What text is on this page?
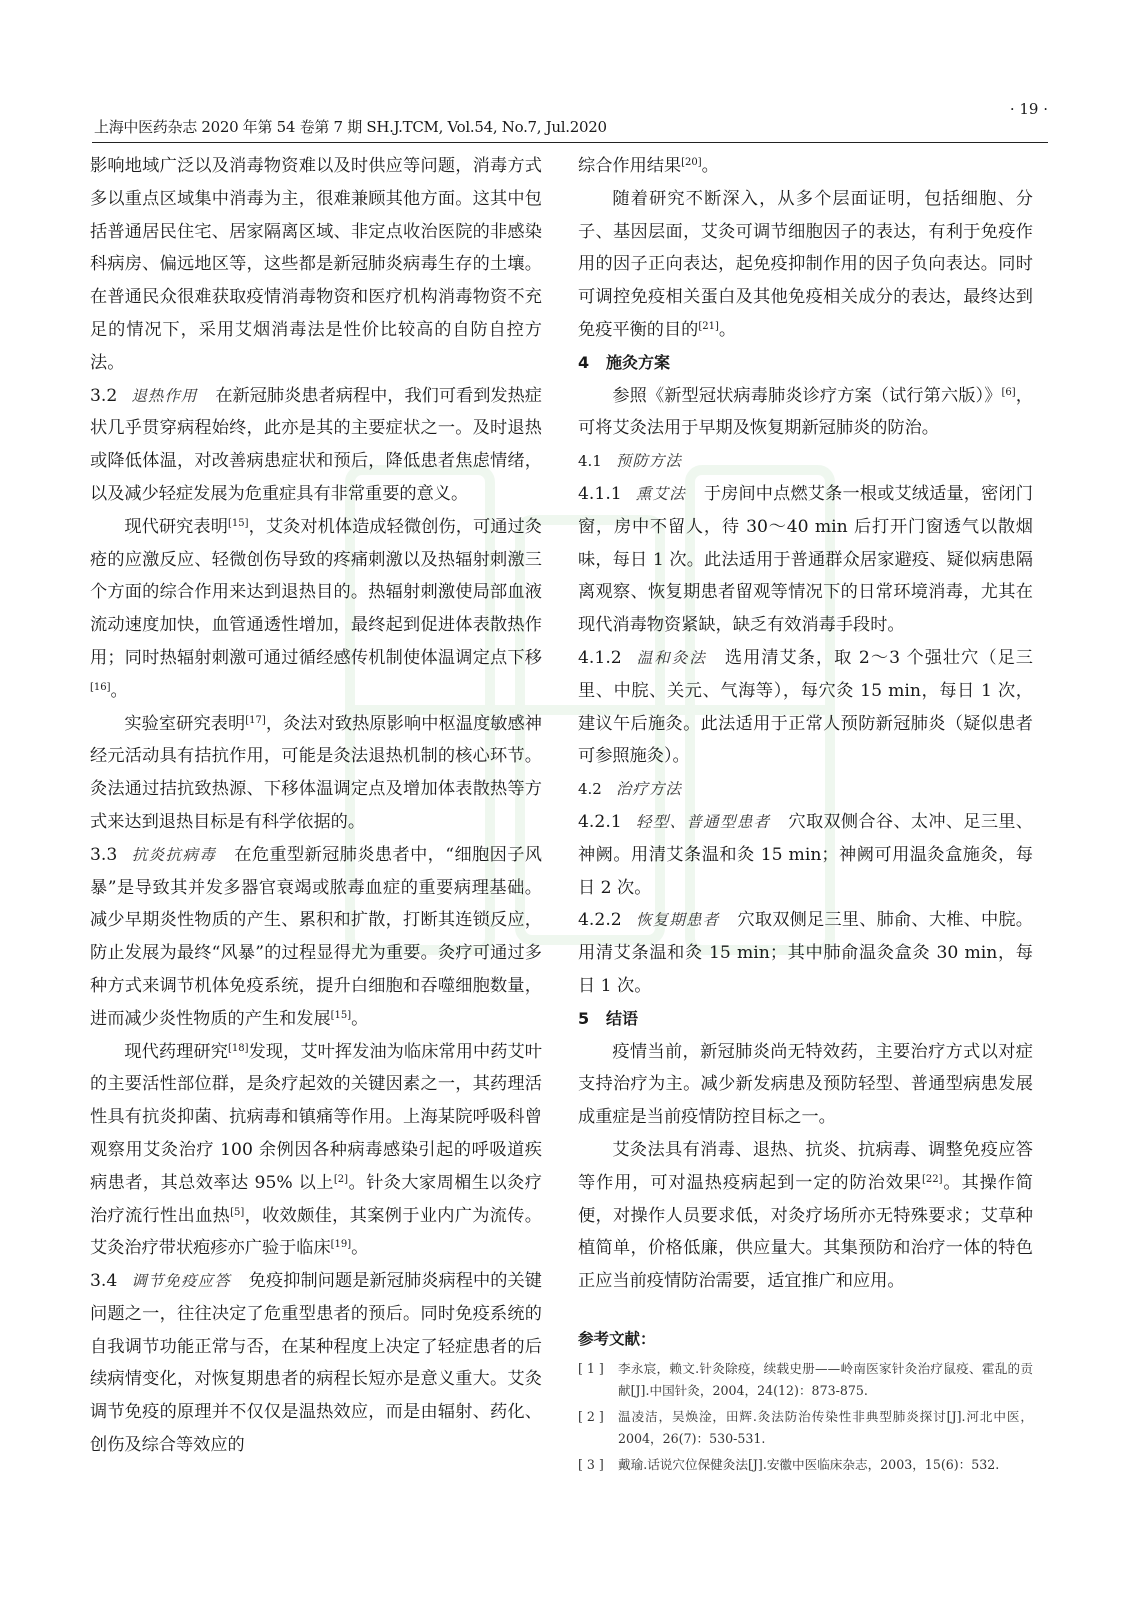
上海中医药杂志 2020 年第 54 卷第 7 期 SH.J.TCM, Vol.54, No.7, Jul.2020
· 19 ·

影响地域广泛以及消毒物资难以及时供应等问题，消毒方式多以重点区域集中消毒为主，很难兼顾其他方面。这其中包括普通居民住宅、居家隔离区域、非定点收治医院的非感染科病房、偏远地区等，这些都是新冠肺炎病毒生存的土壤。在普通民众很难获取疫情消毒物资和医疗机构消毒物资不充足的情况下，采用艾烟消毒法是性价比较高的自防自控方法。

3.2 退热作用 在新冠肺炎患者病程中，我们可看到发热症状几乎贯穿病程始终，此亦是其的主要症状之一。及时退热或降低体温，对改善病患症状和预后，降低患者焦虑情绪，以及减少轻症发展为危重症具有非常重要的意义。

现代研究表明[15]，艾灸对机体造成轻微创伤，可通过灸疮的应激反应、轻微创伤导致的疼痛刺激以及热辐射刺激三个方面的综合作用来达到退热目的。热辐射刺激使局部血液流动速度加快，血管通透性增加，最终起到促进体表散热作用；同时热辐射刺激可通过循经感传机制使体温调定点下移[16]。

实验室研究表明[17]，灸法对致热原影响中枢温度敏感神经元活动具有拮抗作用，可能是灸法退热机制的核心环节。灸法通过拮抗致热源、下移体温调定点及增加体表散热等方式来达到退热目标是有科学依据的。

3.3 抗炎抗病毒 在危重型新冠肺炎患者中，“细胞因子风暴”是导致其并发多器官衰竭或脓毒血症的重要病理基础。减少早期炎性物质的产生、累积和扩散，打断其连锁反应，防止发展为最终“风暴”的过程显得尤为重要。灸疗可通过多种方式来调节机体免疫系统，提升白细胞和吞噬细胞数量，进而减少炎性物质的产生和发展[15]。

现代药理研究[18]发现，艾叶挥发油为临床常用中药艾叶的主要活性部位群，是灸疗起效的关键因素之一，其药理活性具有抗炎抑菌、抗病毒和镇痛等作用。上海某院呼吸科曾观察用艾灸治疗 100 余例因各种病毒感染引起的呼吸道疾病患者，其总效率达 95% 以上[2]。针灸大家周楣生以灸疗治疗流行性出血热[5]，收效颇佳，其案例于业内广为流传。艾灸治疗带状疱疹亦广验于临床[19]。

3.4 调节免疫应答 免疫抑制问题是新冠肺炎病程中的关键问题之一，往往决定了危重型患者的预后。同时免疫系统的自我调节功能正常与否，在某种程度上决定了轻症患者的后续病情变化，对恢复期患者的病程长短亦是意义重大。艾灸调节免疫的原理并不仅仅是温热效应，而是由辐射、药化、创伤及综合等效应的

综合作用结果[20]。

随着研究不断深入，从多个层面证明，包括细胞、分子、基因层面，艾灸可调节细胞因子的表达，有利于免疫作用的因子正向表达，起免疫抑制作用的因子负向表达。同时可调控免疫相关蛋白及其他免疫相关成分的表达，最终达到免疫平衡的目的[21]。

4 施灸方案

参照《新型冠状病毒肺炎诊疗方案（试行第六版）》[6]，可将艾灸法用于早期及恢复期新冠肺炎的防治。

4.1 预防方法

4.1.1 熏艾法 于房间中点燃艾条一根或艾绒适量，密闭门窗，房中不留人，待 30～40 min 后打开门窗透气以散烟味，每日 1 次。此法适用于普通群众居家避疫、疑似病患隔离观察、恢复期患者留观等情况下的日常环境消毒，尤其在现代消毒物资紧缺，缺乏有效消毒手段时。

4.1.2 温和灸法 选用清艾条，取 2～3 个强壮穴（足三里、中脘、关元、气海等），每穴灸 15 min，每日 1 次，建议午后施灸。此法适用于正常人预防新冠肺炎（疑似患者可参照施灸）。

4.2 治疗方法

4.2.1 轻型、普通型患者 穴取双侧合谷、太冲、足三里、神阙。用清艾条温和灸 15 min；神阙可用温灸盒施灸，每日 2 次。

4.2.2 恢复期患者 穴取双侧足三里、肺俞、大椎、中脘。用清艾条温和灸 15 min；其中肺俞温灸盒灸 30 min，每日 1 次。

5 结语

疫情当前，新冠肺炎尚无特效药，主要治疗方式以对症支持治疗为主。减少新发病患及预防轻型、普通型病患发展成重症是当前疫情防控目标之一。

艾灸法具有消毒、退热、抗炎、抗病毒、调整免疫应答等作用，可对温热疫病起到一定的防治效果[22]。其操作简便，对操作人员要求低，对灸疗场所亦无特殊要求；艾草种植简单，价格低廉，供应量大。其集预防和治疗一体的特色正应当前疫情防治需要，适宜推广和应用。

参考文献：
[ 1 ] 李永宸，赖文.针灸除疫，续载史册——岭南医家针灸治疗鼠疫、霍乱的贡献[J].中国针灸，2004，24(12)：873-875.
[ 2 ] 温凌洁，吴焕淦，田辉.灸法防治传染性非典型肺炎探讨[J].河北中医，2004，26(7)：530-531.
[ 3 ] 戴瑜.话说穴位保健灸法[J].安徽中医临床杂志，2003，15(6)：532.
